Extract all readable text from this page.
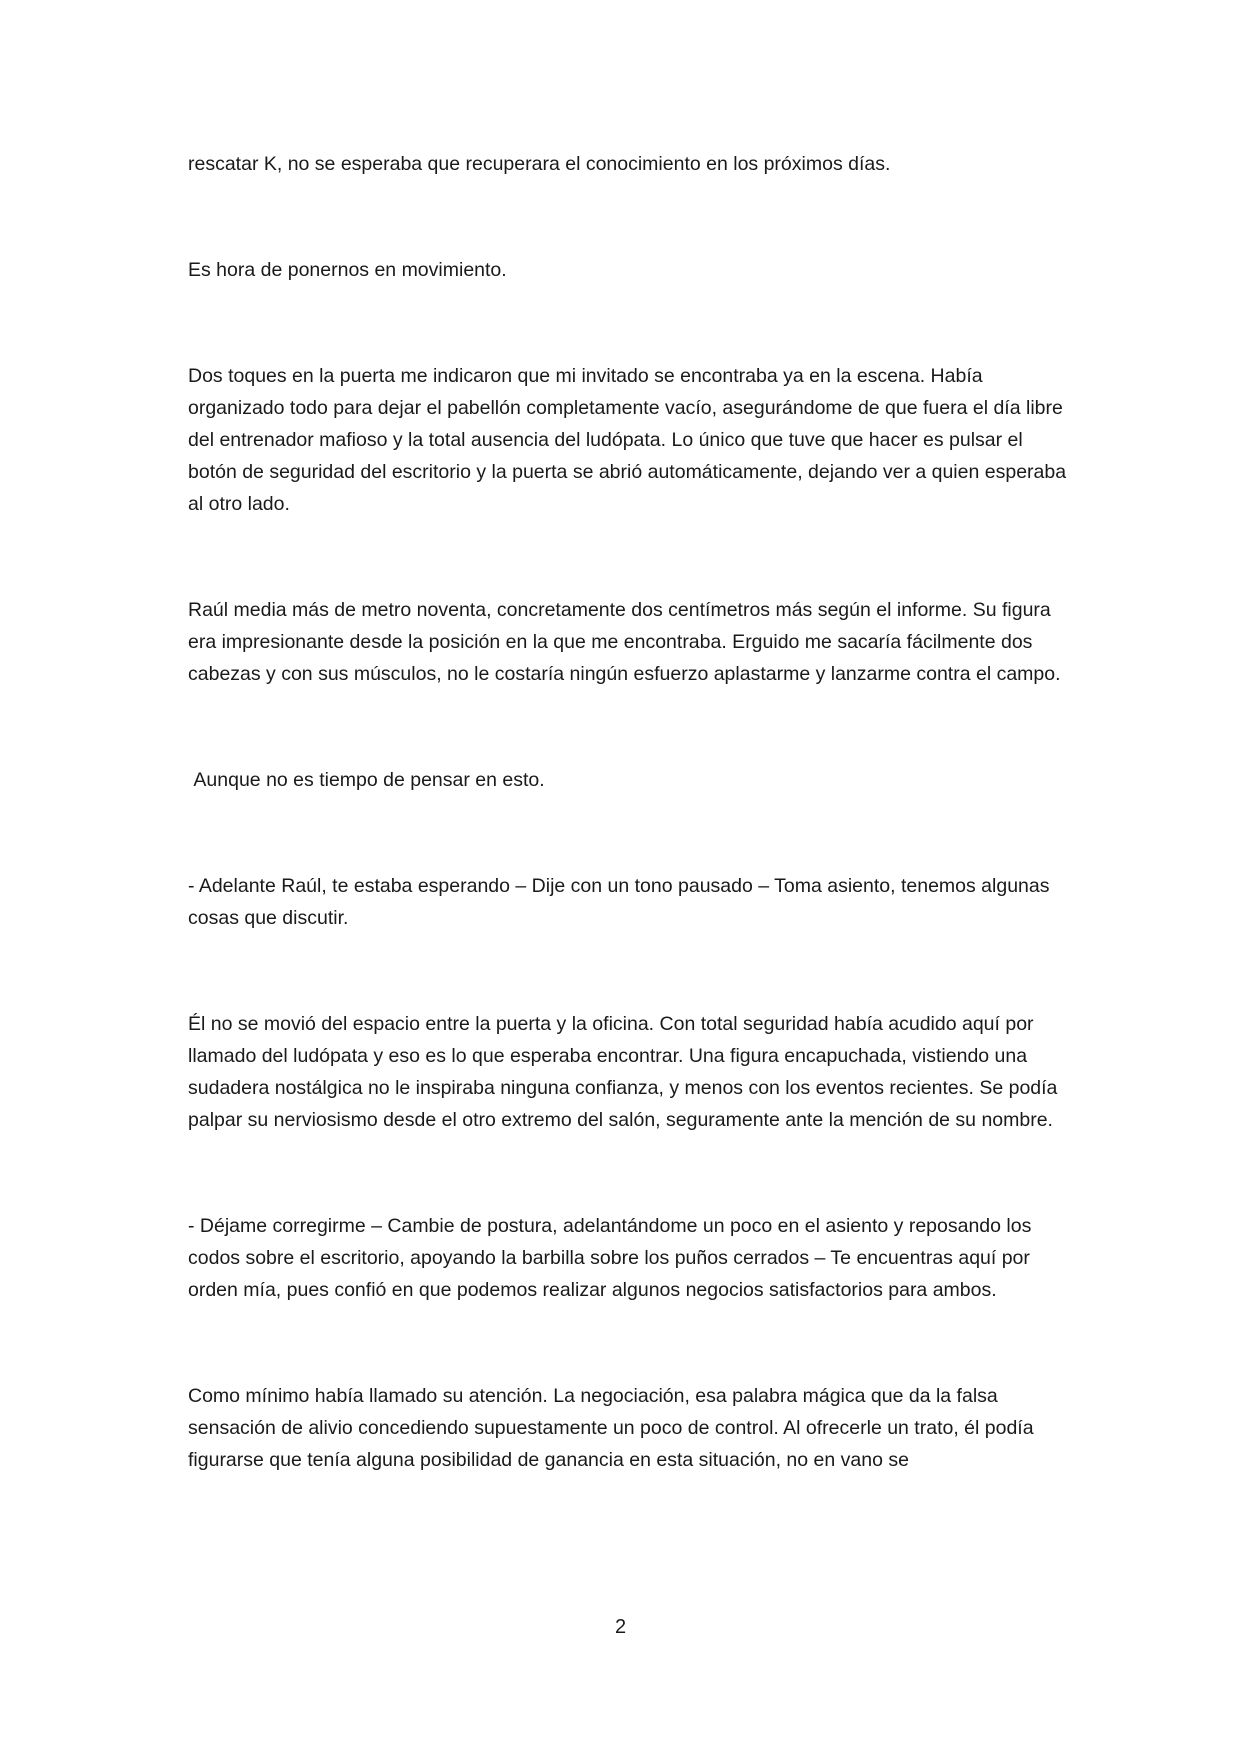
rescatar K, no se esperaba que recuperara el conocimiento en los próximos días.

Es hora de ponernos en movimiento.

Dos toques en la puerta me indicaron que mi invitado se encontraba ya en la escena. Había organizado todo para dejar el pabellón completamente vacío, asegurándome de que fuera el día libre del entrenador mafioso y la total ausencia del ludópata. Lo único que tuve que hacer es pulsar el botón de seguridad del escritorio y la puerta se abrió automáticamente, dejando ver a quien esperaba al otro lado.

Raúl media más de metro noventa, concretamente dos centímetros más según el informe. Su figura era impresionante desde la posición en la que me encontraba. Erguido me sacaría fácilmente dos cabezas y con sus músculos, no le costaría ningún esfuerzo aplastarme y lanzarme contra el campo.

Aunque no es tiempo de pensar en esto.

- Adelante Raúl, te estaba esperando – Dije con un tono pausado – Toma asiento, tenemos algunas cosas que discutir.

Él no se movió del espacio entre la puerta y la oficina. Con total seguridad había acudido aquí por llamado del ludópata y eso es lo que esperaba encontrar. Una figura encapuchada, vistiendo una sudadera nostálgica no le inspiraba ninguna confianza, y menos con los eventos recientes. Se podía palpar su nerviosismo desde el otro extremo del salón, seguramente ante la mención de su nombre.

- Déjame corregirme – Cambie de postura, adelantándome un poco en el asiento y reposando los codos sobre el escritorio, apoyando la barbilla sobre los puños cerrados – Te encuentras aquí por orden mía, pues confió en que podemos realizar algunos negocios satisfactorios para ambos.

Como mínimo había llamado su atención. La negociación, esa palabra mágica que da la falsa sensación de alivio concediendo supuestamente un poco de control. Al ofrecerle un trato, él podía figurarse que tenía alguna posibilidad de ganancia en esta situación, no en vano se

2
